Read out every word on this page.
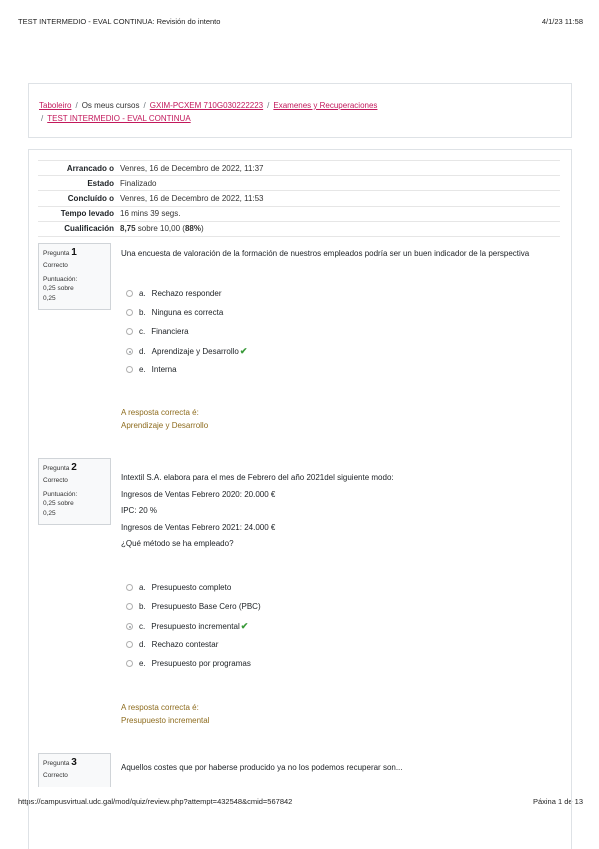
TEST INTERMEDIO - EVAL CONTINUA: Revisión do intento	4/1/23 11:58
https://campusvirtual.udc.gal/mod/quiz/review.php?attempt=432548&cmid=567842	Páxina 1 de 13
Taboleiro / Os meus cursos / GXIM-PCXEM 710G030222223 / Examenes y Recuperaciones
/ TEST INTERMEDIO - EVAL CONTINUA
Arrancado o Venres, 16 de Decembro de 2022, 11:37
Estado Finalizado
Concluído o Venres, 16 de Decembro de 2022, 11:53
Tempo levado 16 mins 39 segs.
Cualificación 8,75 sobre 10,00 (88%)
Pregunta 1
Correcto
Puntuación:
0,25 sobre
0,25

Una encuesta de valoración de la formación de nuestros empleados podría ser un buen indicador de la perspectiva

a. Rechazo responder
b. Ninguna es correcta
c. Financiera
d. Aprendizaje y Desarrollo ✔
e. Interna
A resposta correcta é:
Aprendizaje y Desarrollo
Pregunta 2
Correcto
Puntuación:
0,25 sobre
0,25

Intextil S.A. elabora para el mes de Febrero del año 2021del siguiente modo:

Ingresos de Ventas Febrero 2020: 20.000 €

IPC: 20 %

Ingresos de Ventas Febrero 2021: 24.000 €

¿Qué método se ha empleado?

a. Presupuesto completo
b. Presupuesto Base Cero (PBC)
c. Presupuesto incremental ✔
d. Rechazo contestar
e. Presupuesto por programas
A resposta correcta é:
Presupuesto incremental
Pregunta 3
Correcto

Aquellos costes que por haberse producido ya no los podemos recuperar son...
